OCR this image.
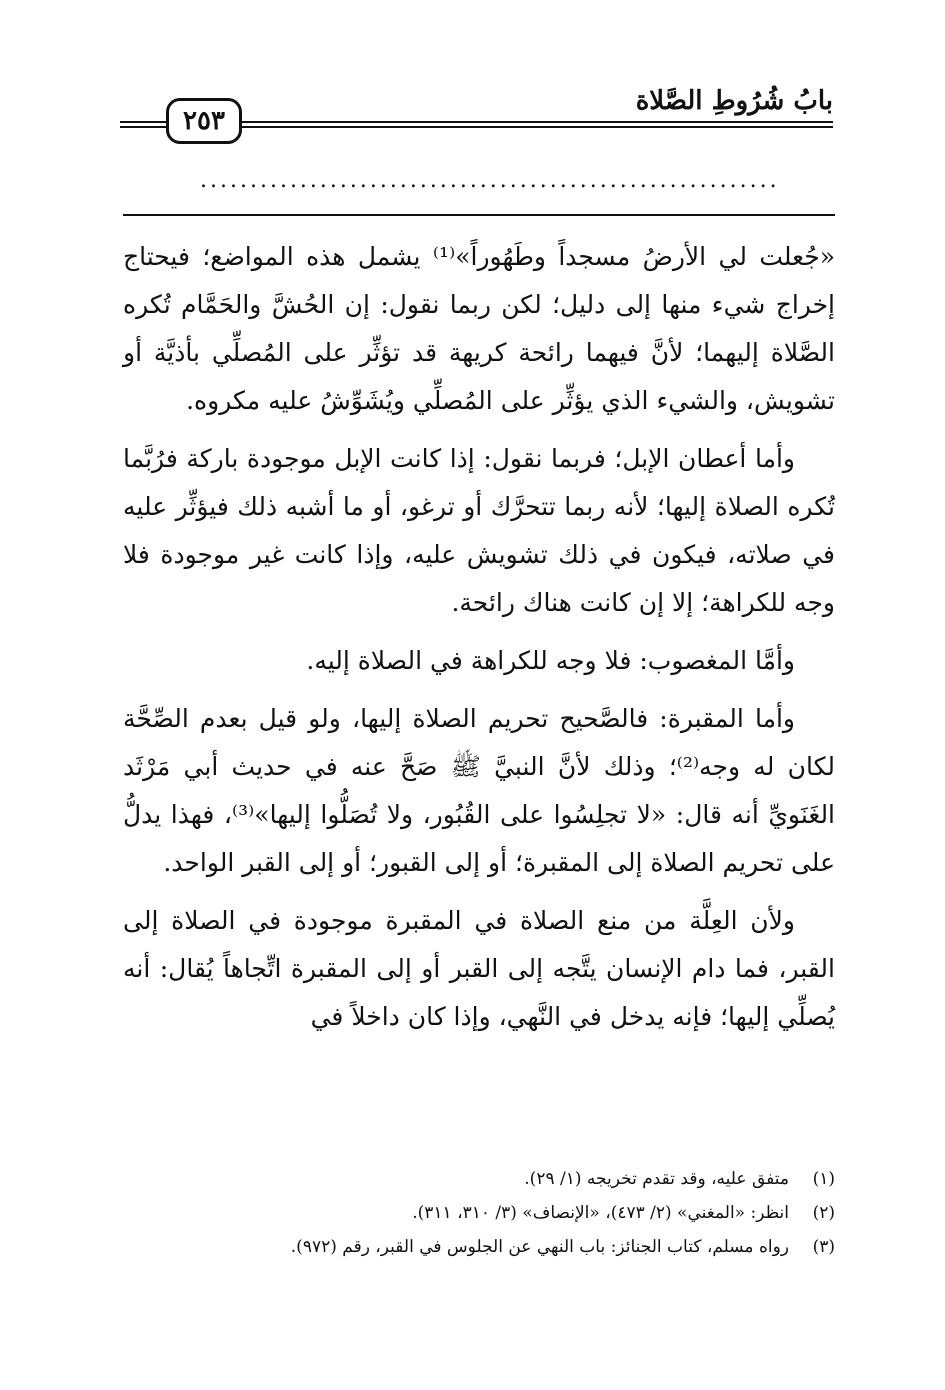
بابُ شُرُوطِ الصَّلاة
٢٥٣
..........................................................

«جُعلت لي الأرضُ مسجداً وطَهُوراً»⁽¹⁾ يشمل هذه المواضع؛ فيحتاج إخراج شيء منها إلى دليل؛ لكن ربما نقول: إن الحُشَّ والحَمَّام تُكره الصَّلاة إليهما؛ لأنَّ فيهما رائحة كريهة قد تؤثِّر على المُصلِّي بأذيَّة أو تشويش، والشيء الذي يؤثِّر على المُصلِّي ويُشَوِّشُ عليه مكروه.

وأما أعطان الإبل؛ فربما نقول: إذا كانت الإبل موجودة باركة فرُبَّما تُكره الصلاة إليها؛ لأنه ربما تتحرَّك أو ترغو، أو ما أشبه ذلك فيؤثِّر عليه في صلاته، فيكون في ذلك تشويش عليه، وإذا كانت غير موجودة فلا وجه للكراهة؛ إلا إن كانت هناك رائحة.

وأمَّا المغصوب: فلا وجه للكراهة في الصلاة إليه.

وأما المقبرة: فالصَّحيح تحريم الصلاة إليها، ولو قيل بعدم الصِّحَّة لكان له وجه⁽²⁾؛ وذلك لأنَّ النبيَّ ﷺ صَحَّ عنه في حديث أبي مَرْثَد الغَنَويِّ أنه قال: «لا تجلِسُوا على القُبُور، ولا تُصَلُّوا إليها»⁽³⁾، فهذا يدلُّ على تحريم الصلاة إلى المقبرة؛ أو إلى القبور؛ أو إلى القبر الواحد.

ولأن العِلَّة من منع الصلاة في المقبرة موجودة في الصلاة إلى القبر، فما دام الإنسان يتَّجه إلى القبر أو إلى المقبرة اتِّجاهاً يُقال: أنه يُصلِّي إليها؛ فإنه يدخل في النَّهي، وإذا كان داخلاً في

(١)
متفق عليه، وقد تقدم تخريجه (١/ ٢٩).
(٢)
انظر: «المغني» (٢/ ٤٧٣)، «الإنصاف» (٣/ ٣١٠، ٣١١).
(٣)
رواه مسلم، كتاب الجنائز: باب النهي عن الجلوس في القبر، رقم (٩٧٢).
